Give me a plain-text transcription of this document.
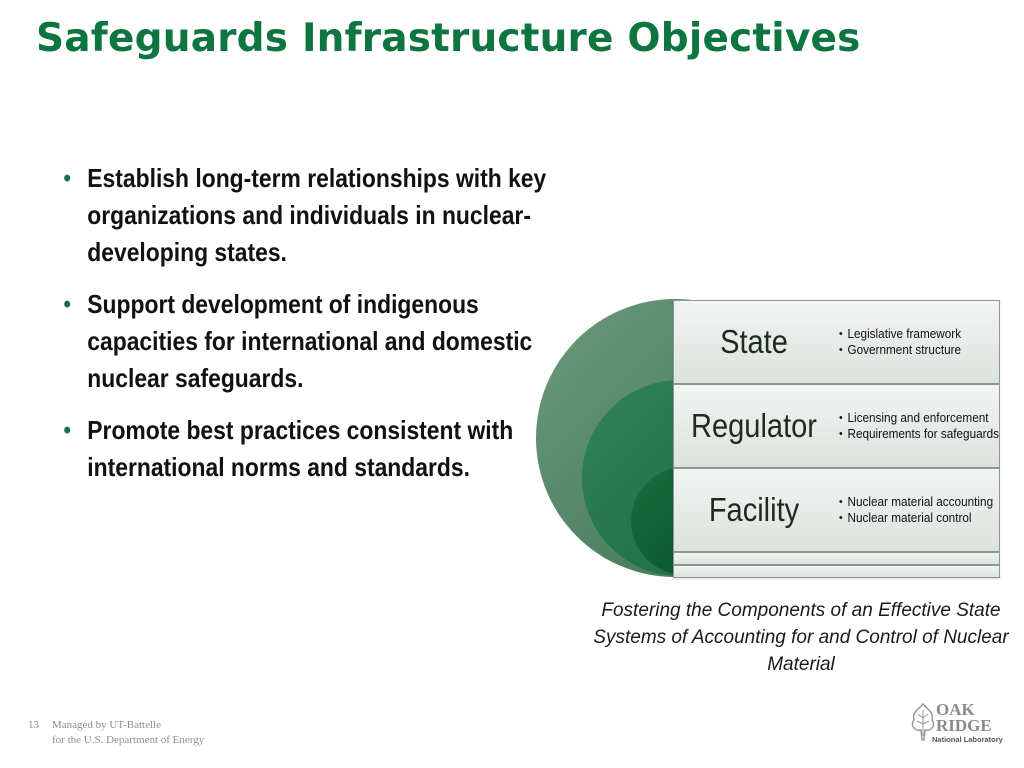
Safeguards Infrastructure Objectives
• Establish long-term relationships with key organizations and individuals in nuclear-developing states.
• Support development of indigenous capacities for international and domestic nuclear safeguards.
• Promote best practices consistent with international norms and standards.
State	• Legislative framework
• Government structure
Regulator	• Licensing and enforcement
• Requirements for safeguards
Facility	• Nuclear material accounting
• Nuclear material control
Fostering the Components of an Effective State Systems of Accounting for and Control of Nuclear Material
13 Managed by UT-Battelle
for the U.S. Department of Energy
OAK
RIDGE
National Laboratory
